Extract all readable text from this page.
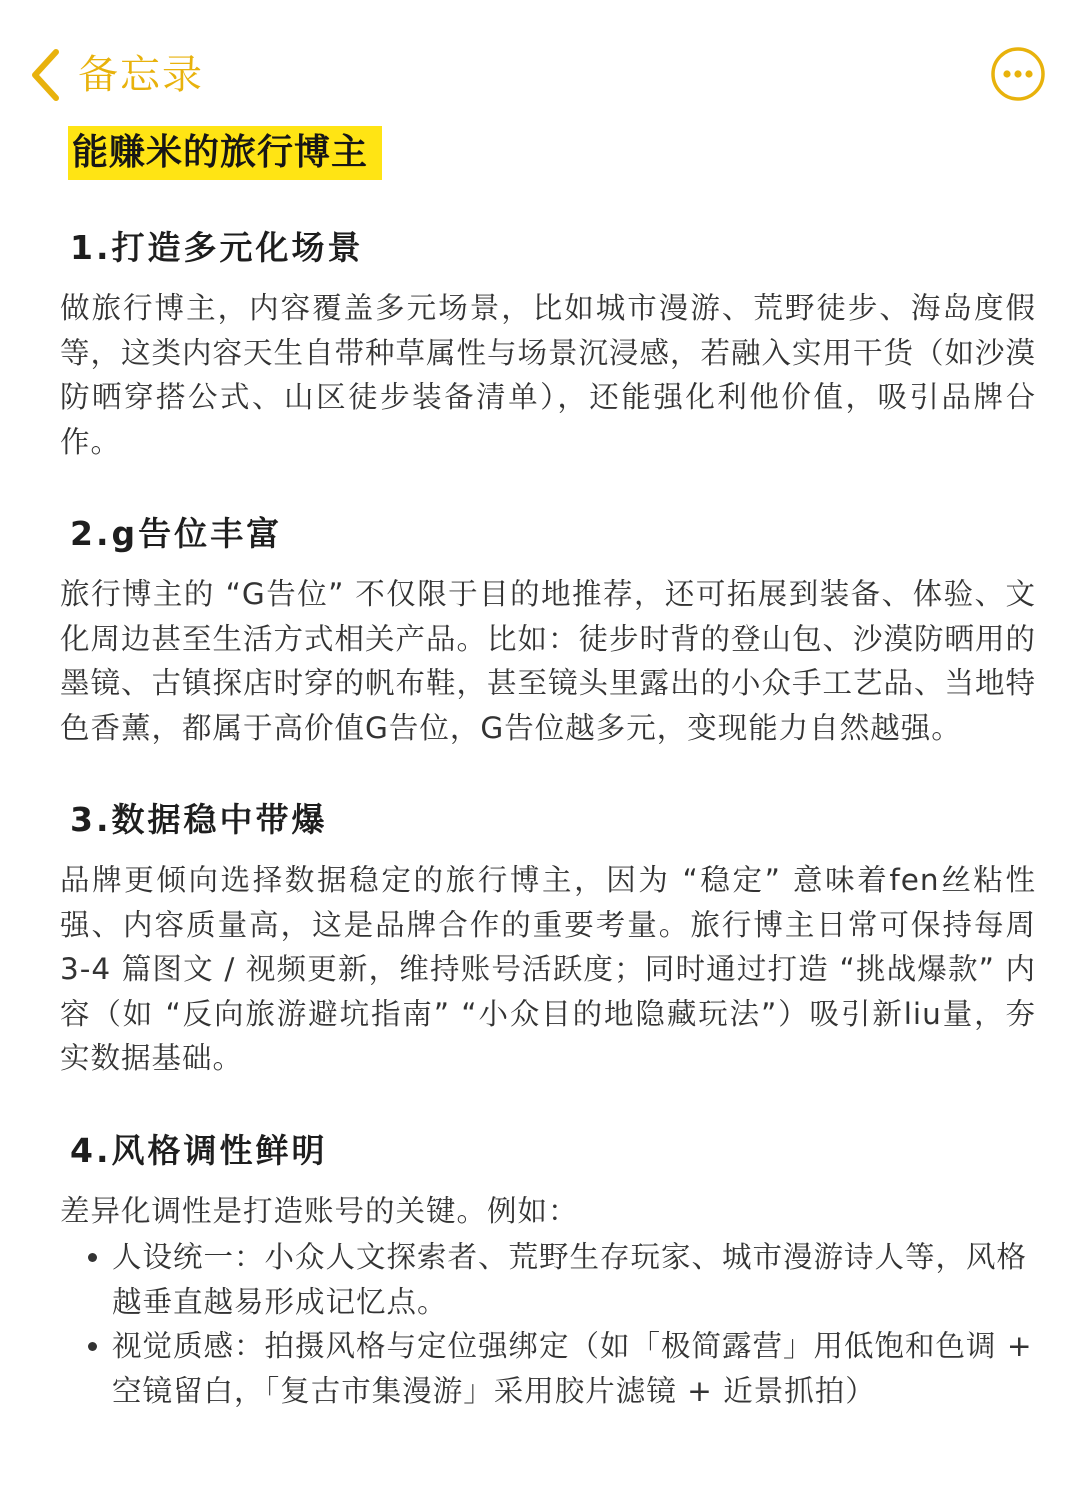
备忘录
能赚米的旅行博主
1.打造多元化场景

做旅行博主，内容覆盖多元场景，比如城市漫游、荒野徒步、海岛度假等，这类内容天生自带种草属性与场景沉浸感，若融入实用干货（如沙漠防晒穿搭公式、山区徒步装备清单），还能强化利他价值，吸引品牌㕣作。

2.g告位丰富

旅行博主的 “G告位” 不仅限于目的地推荐，还可拓展到装备、体验、文化周边甚至生活方式相关产品。比如：徒步时背的登山包、沙漠防晒用的墨镜、古镇探店时穿的帆布鞋，甚至镜头里露出的小众手工艺品、当地特色香薰，都属于高价值G告位，G告位越多元，变现能力自然越强。

3.数据稳中带爆

品牌更倾向选择数据稳定的旅行博主，因为 “稳定” 意味着fen丝粘性强、内容质量高，这是品牌合作的重要考量。旅行博主日常可保持每周 3-4 篇图文 / 视频更新，维持账号活跃度；同时通过打造 “挑战爆款” 内容（如 “反向旅游避坑指南” “小众目的地隐藏玩法”）吸引新liu量，夯实数据基础。

4.风格调性鲜明

差异化调性是打造账号的关键。例如：

人设统一：小众人文探索者、荒野生存玩家、城市漫游诗人等，风格越垂直越易形成记忆点。
视觉质感：拍摄风格与定位强绑定（如「极简露营」用低饱和色调 + 空镜留白，「复古市集漫游」采用胶片滤镜 + 近景抓拍）
